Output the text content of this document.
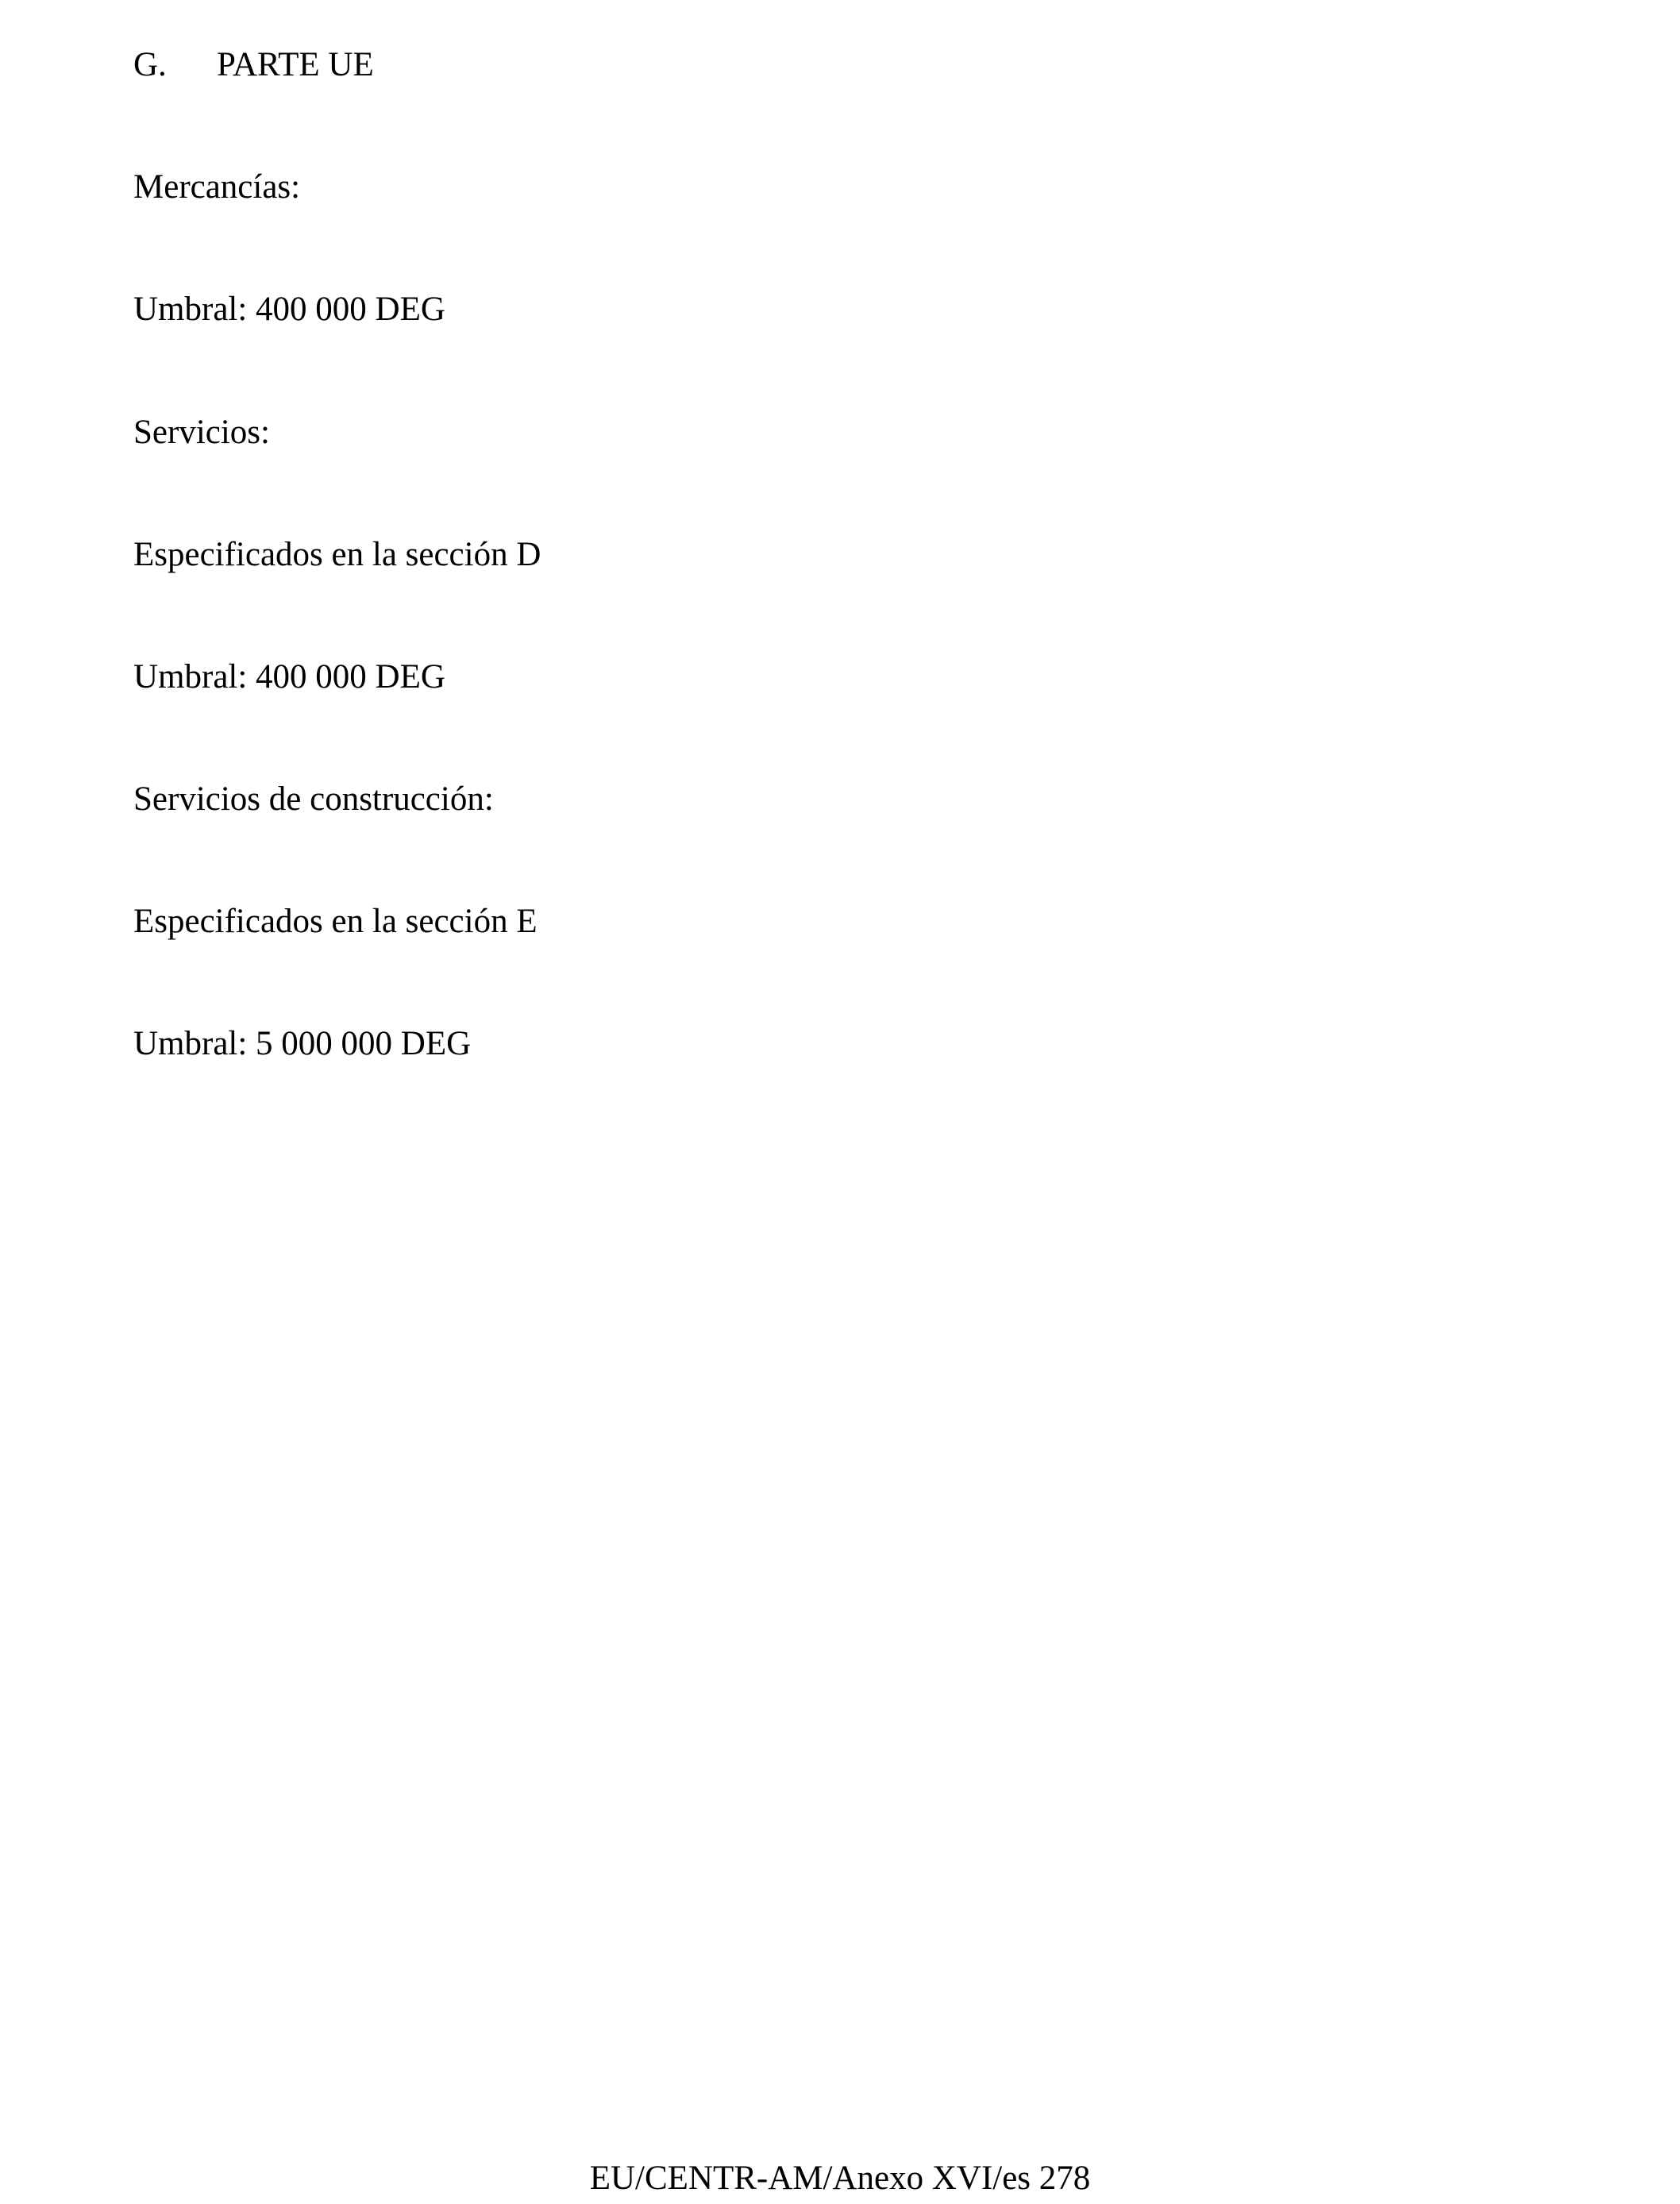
G. PARTE UE
Mercancías:
Umbral: 400 000 DEG
Servicios:
Especificados en la sección D
Umbral: 400 000 DEG
Servicios de construcción:
Especificados en la sección E
Umbral: 5 000 000 DEG
EU/CENTR-AM/Anexo XVI/es 278
